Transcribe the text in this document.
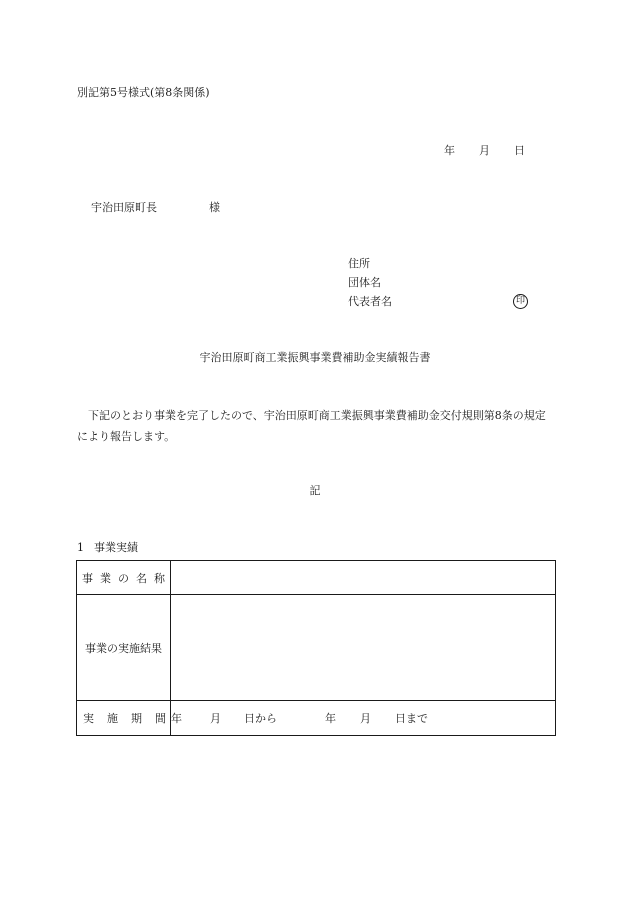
別記第5号様式(第8条関係)
年 月 日
宇治田原町長	様
住所
団体名
代表者名	印
宇治田原町商工業振興事業費補助金実績報告書
下記のとおり事業を完了したので、宇治田原町商工業振興事業費補助金交付規則第8条の規定により報告します。
記
1 事業実績
事 業 の 名 称	

事業の実施結果	

実 施 期 間	年 月 日から 年 月 日まで
